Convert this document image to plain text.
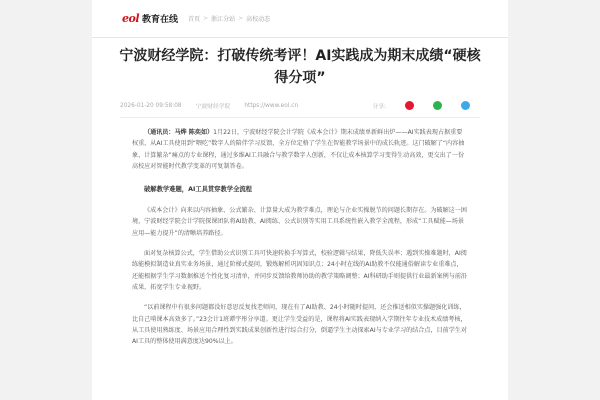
eol 教育在线 首页 > 浙江分站 > 高校动态
宁波财经学院：打破传统考评！AI实践成为期末成绩“硬核得分项”
2026-01-20 09:58:08 宁波财经学院 https://www.eol.cn	分享:

（通讯员：马烨 陈奕如）1月22日，宁波财经学院会计学院《成本会计》期末成绩单新鲜出炉——AI实践表现占据重要权重，从AI工具使用到“喂吃”数字人的陪伴学习反馈，全方位定格了学生在智能教学场景中的成长轨迹。这门破解了“内容抽象、计算繁杂”痛点的专业课程，通过多维AI工具融合与教学数字人创新，不仅让成本核算学习变得生动高效，更交出了一份高校应对智能时代教学变革的可复制答卷。

破解教学难题，AI工具贯穿教学全流程

《成本会计》向来以内容抽象、公式繁杂、计算量大成为教学难点，理论与企业实操脱节的问题长期存在。为破解这一困境，宁波财经学院会计学院探课团队将AI助教、AI阅练、公式识别等实用工具系统性嵌入教学全流程，形成“工具赋能—场景应用—能力提升”的清晰培养路径。

面对复杂核算公式，学生借助公式识别工具可快速转换手写算式，校验逻辑与结果，降低失误率；遇到实操难题时，AI阅练能模拟制造业真实业务场景，通过阶梯式提问，锻炼解析巩固知识点；24小时在线的AI助教不仅能通俗解读专业重难点，还能根据学生学习数据推送个性化复习清单，并同步反馈给教师协助的教学策略调整；AI科研助手则提供行业最新案例与前沿成果，拓宽学生专业视野。

“以前课程中有很多问题都没好意思反复找老师问，现在有了AI助教、24小时随时提问，还会推送相似实操题强化训练，比自己啃课本高效多了。”23会计1班谭宇彤分享道。更让学生受益的是，课程将AI实践表现纳入学期往年专业技术成绩考核，从工具使用熟练度、场景应用合理性到实践成果创新性进行综合打分，倒逼学生主动探索AI与专业学习的结合点，目前学生对AI工具的整体使用满意度达90%以上。
